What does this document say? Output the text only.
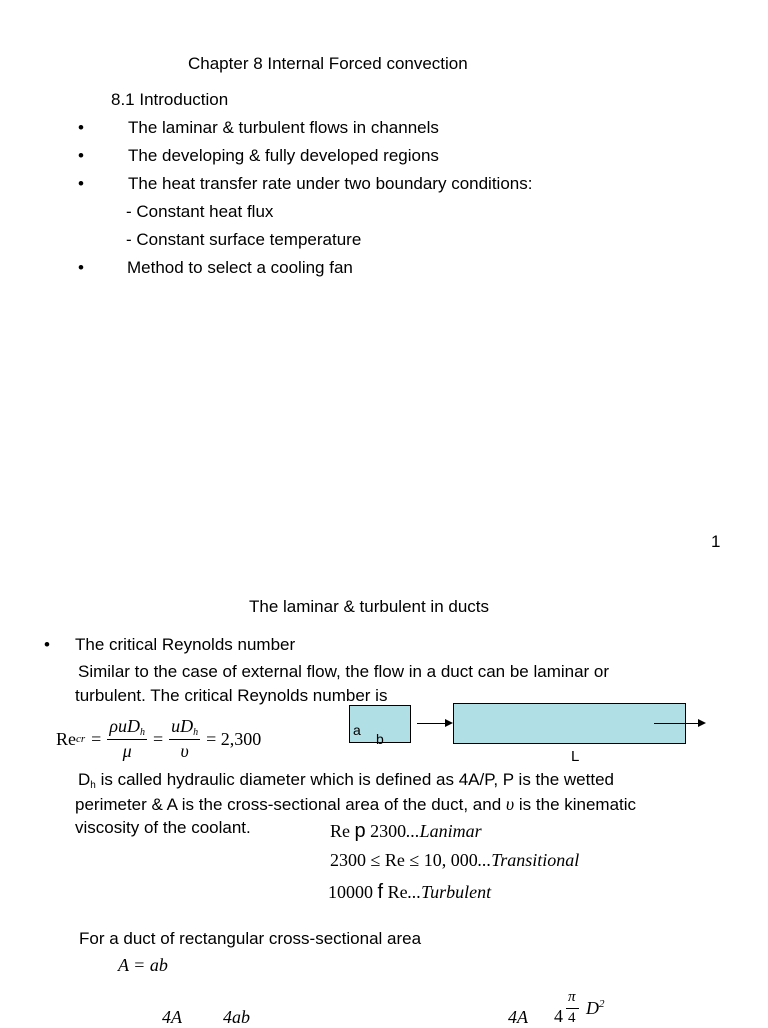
Chapter 8 Internal Forced convection
8.1 Introduction
•	The laminar & turbulent flows in channels
•	The developing & fully developed regions
•	The heat transfer rate under two boundary conditions:
- Constant heat flux
- Constant surface temperature
•	Method to select a cooling fan
1
The laminar & turbulent in ducts
• The critical Reynolds number
Similar to the case of external flow, the flow in a duct can be laminar or
turbulent. The critical Reynolds number is
Re cr = $\frac{\text{ρuDh}}{\mu} = \frac{\text{uDh}}{\upsilon} = 2,300$	a
b
L
Dh is called hydraulic diameter which is defined as 4A/P, P is the wetted
perimeter & A is the cross-sectional area of the duct, and υ is the kinematic
viscosity of the coolant.	Re p 2300...Lanimar
2300 ≤ Re ≤ 10, 000...Transitional
10000 f Re...Turbulent
For a duct of rectangular cross-sectional area
A = ab
4A 4ab	4A 4
π
4 $D^2$
